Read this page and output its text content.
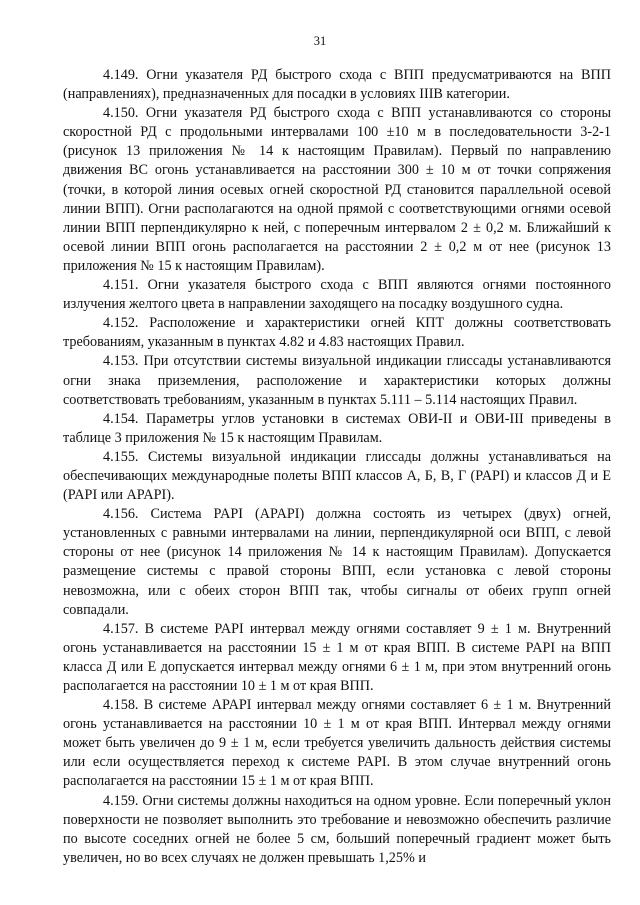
31

4.149. Огни указателя РД быстрого схода с ВПП предусматриваются на ВПП (направлениях), предназначенных для посадки в условиях IIIВ категории.

4.150. Огни указателя РД быстрого схода с ВПП устанавливаются со стороны скоростной РД с продольными интервалами 100 ±10 м в последовательности 3-2-1 (рисунок 13 приложения № 14 к настоящим Правилам). Первый по направлению движения ВС огонь устанавливается на расстоянии 300 ± 10 м от точки сопряжения (точки, в которой линия осевых огней скоростной РД становится параллельной осевой линии ВПП). Огни располагаются на одной прямой с соответствующими огнями осевой линии ВПП перпендикулярно к ней, с поперечным интервалом 2 ± 0,2 м. Ближайший к осевой линии ВПП огонь располагается на расстоянии 2 ± 0,2 м от нее (рисунок 13 приложения № 15 к настоящим Правилам).

4.151. Огни указателя быстрого схода с ВПП являются огнями постоянного излучения желтого цвета в направлении заходящего на посадку воздушного судна.

4.152. Расположение и характеристики огней КПТ должны соответствовать требованиям, указанным в пунктах 4.82 и 4.83 настоящих Правил.

4.153. При отсутствии системы визуальной индикации глиссады устанавливаются огни знака приземления, расположение и характеристики которых должны соответствовать требованиям, указанным в пунктах 5.111 – 5.114 настоящих Правил.

4.154. Параметры углов установки в системах ОВИ-II и ОВИ-III приведены в таблице 3 приложения № 15 к настоящим Правилам.

4.155. Системы визуальной индикации глиссады должны устанавливаться на обеспечивающих международные полеты ВПП классов А, Б, В, Г (PAPI) и классов Д и Е (PAPI или APAPI).

4.156. Система PAPI (APAPI) должна состоять из четырех (двух) огней, установленных с равными интервалами на линии, перпендикулярной оси ВПП, с левой стороны от нее (рисунок 14 приложения № 14 к настоящим Правилам). Допускается размещение системы с правой стороны ВПП, если установка с левой стороны невозможна, или с обеих сторон ВПП так, чтобы сигналы от обеих групп огней совпадали.

4.157. В системе PAPI интервал между огнями составляет 9 ± 1 м. Внутренний огонь устанавливается на расстоянии 15 ± 1 м от края ВПП. В системе PAPI на ВПП класса Д или Е допускается интервал между огнями 6 ± 1 м, при этом внутренний огонь располагается на расстоянии 10 ± 1 м от края ВПП.

4.158. В системе APAPI интервал между огнями составляет 6 ± 1 м. Внутренний огонь устанавливается на расстоянии 10 ± 1 м от края ВПП. Интервал между огнями может быть увеличен до 9 ± 1 м, если требуется увеличить дальность действия системы или если осуществляется переход к системе PAPI. В этом случае внутренний огонь располагается на расстоянии 15 ± 1 м от края ВПП.

4.159. Огни системы должны находиться на одном уровне. Если поперечный уклон поверхности не позволяет выполнить это требование и невозможно обеспечить различие по высоте соседних огней не более 5 см, больший поперечный градиент может быть увеличен, но во всех случаях не должен превышать 1,25% и
